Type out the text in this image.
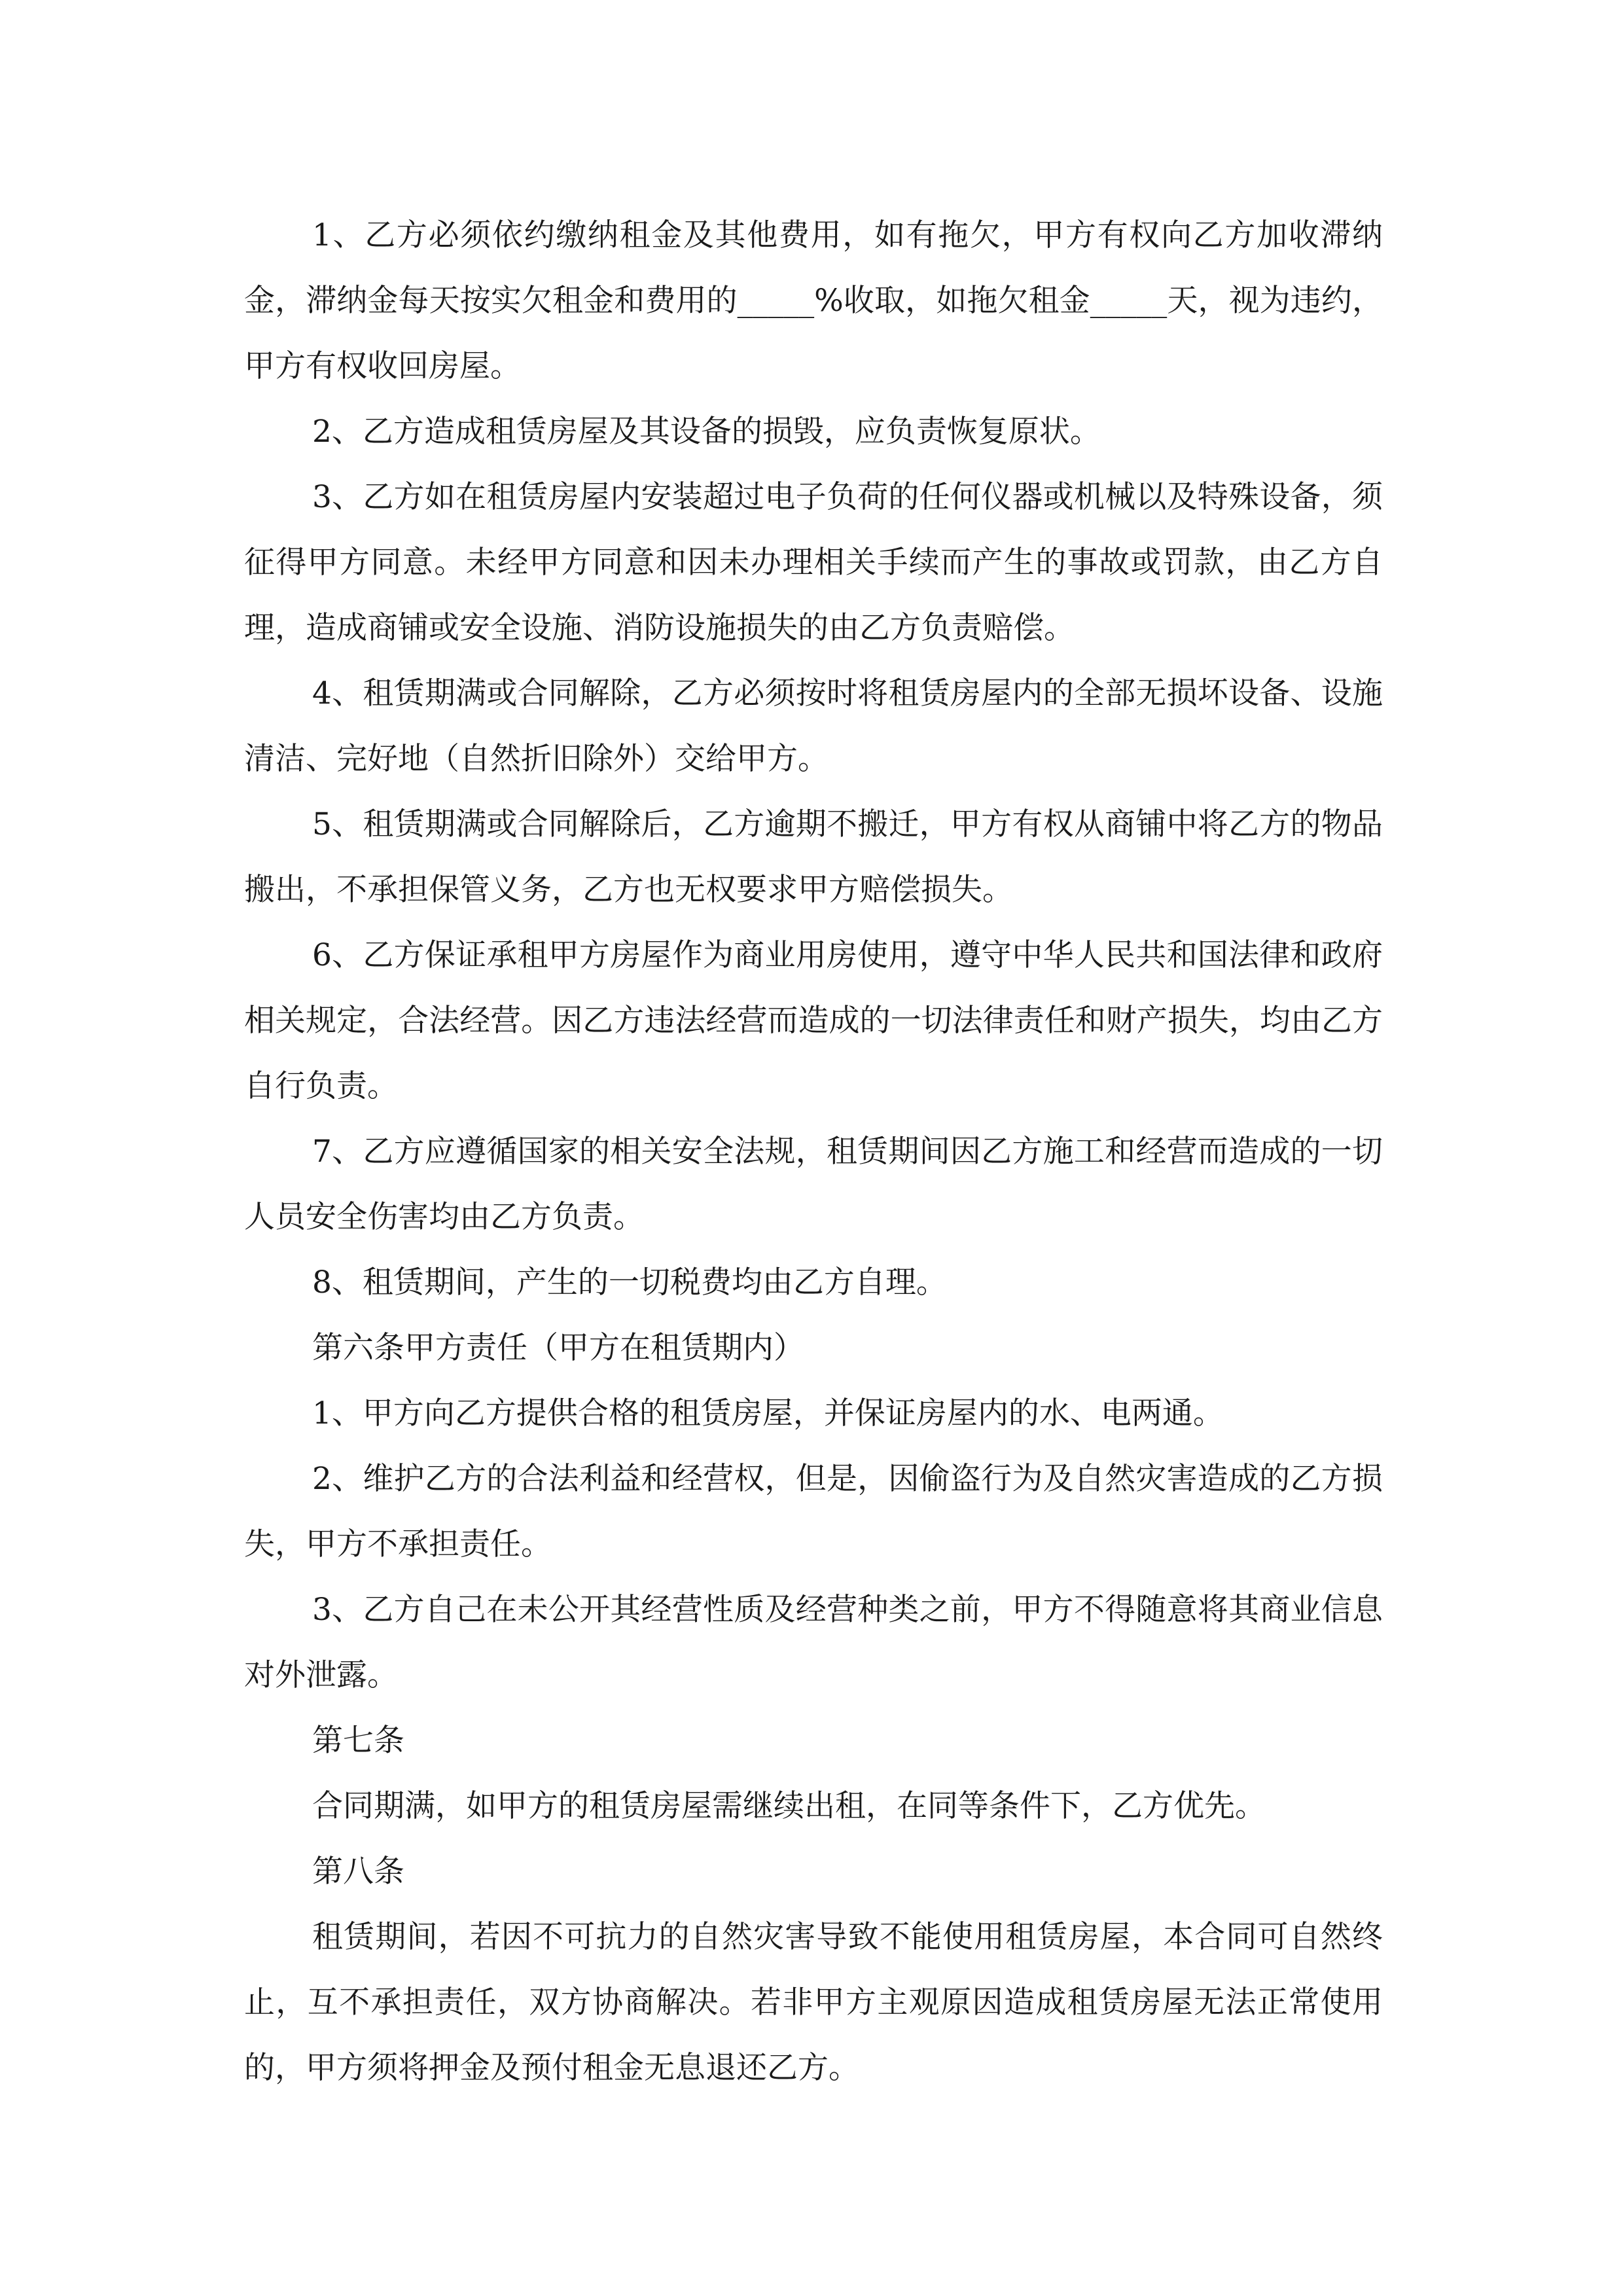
1、乙方必须依约缴纳租金及其他费用，如有拖欠，甲方有权向乙方加收滞纳金，滞纳金每天按实欠租金和费用的_____%收取，如拖欠租金_____天，视为违约，甲方有权收回房屋。

2、乙方造成租赁房屋及其设备的损毁，应负责恢复原状。

3、乙方如在租赁房屋内安装超过电子负荷的任何仪器或机械以及特殊设备，须征得甲方同意。未经甲方同意和因未办理相关手续而产生的事故或罚款，由乙方自理，造成商铺或安全设施、消防设施损失的由乙方负责赔偿。

4、租赁期满或合同解除，乙方必须按时将租赁房屋内的全部无损坏设备、设施清洁、完好地（自然折旧除外）交给甲方。

5、租赁期满或合同解除后，乙方逾期不搬迁，甲方有权从商铺中将乙方的物品搬出，不承担保管义务，乙方也无权要求甲方赔偿损失。

6、乙方保证承租甲方房屋作为商业用房使用，遵守中华人民共和国法律和政府相关规定，合法经营。因乙方违法经营而造成的一切法律责任和财产损失，均由乙方自行负责。

7、乙方应遵循国家的相关安全法规，租赁期间因乙方施工和经营而造成的一切人员安全伤害均由乙方负责。

8、租赁期间，产生的一切税费均由乙方自理。

第六条甲方责任（甲方在租赁期内）

1、甲方向乙方提供合格的租赁房屋，并保证房屋内的水、电两通。

2、维护乙方的合法利益和经营权，但是，因偷盗行为及自然灾害造成的乙方损失，甲方不承担责任。

3、乙方自己在未公开其经营性质及经营种类之前，甲方不得随意将其商业信息对外泄露。

第七条

合同期满，如甲方的租赁房屋需继续出租，在同等条件下，乙方优先。

第八条

租赁期间，若因不可抗力的自然灾害导致不能使用租赁房屋，本合同可自然终止，互不承担责任，双方协商解决。若非甲方主观原因造成租赁房屋无法正常使用的，甲方须将押金及预付租金无息退还乙方。
